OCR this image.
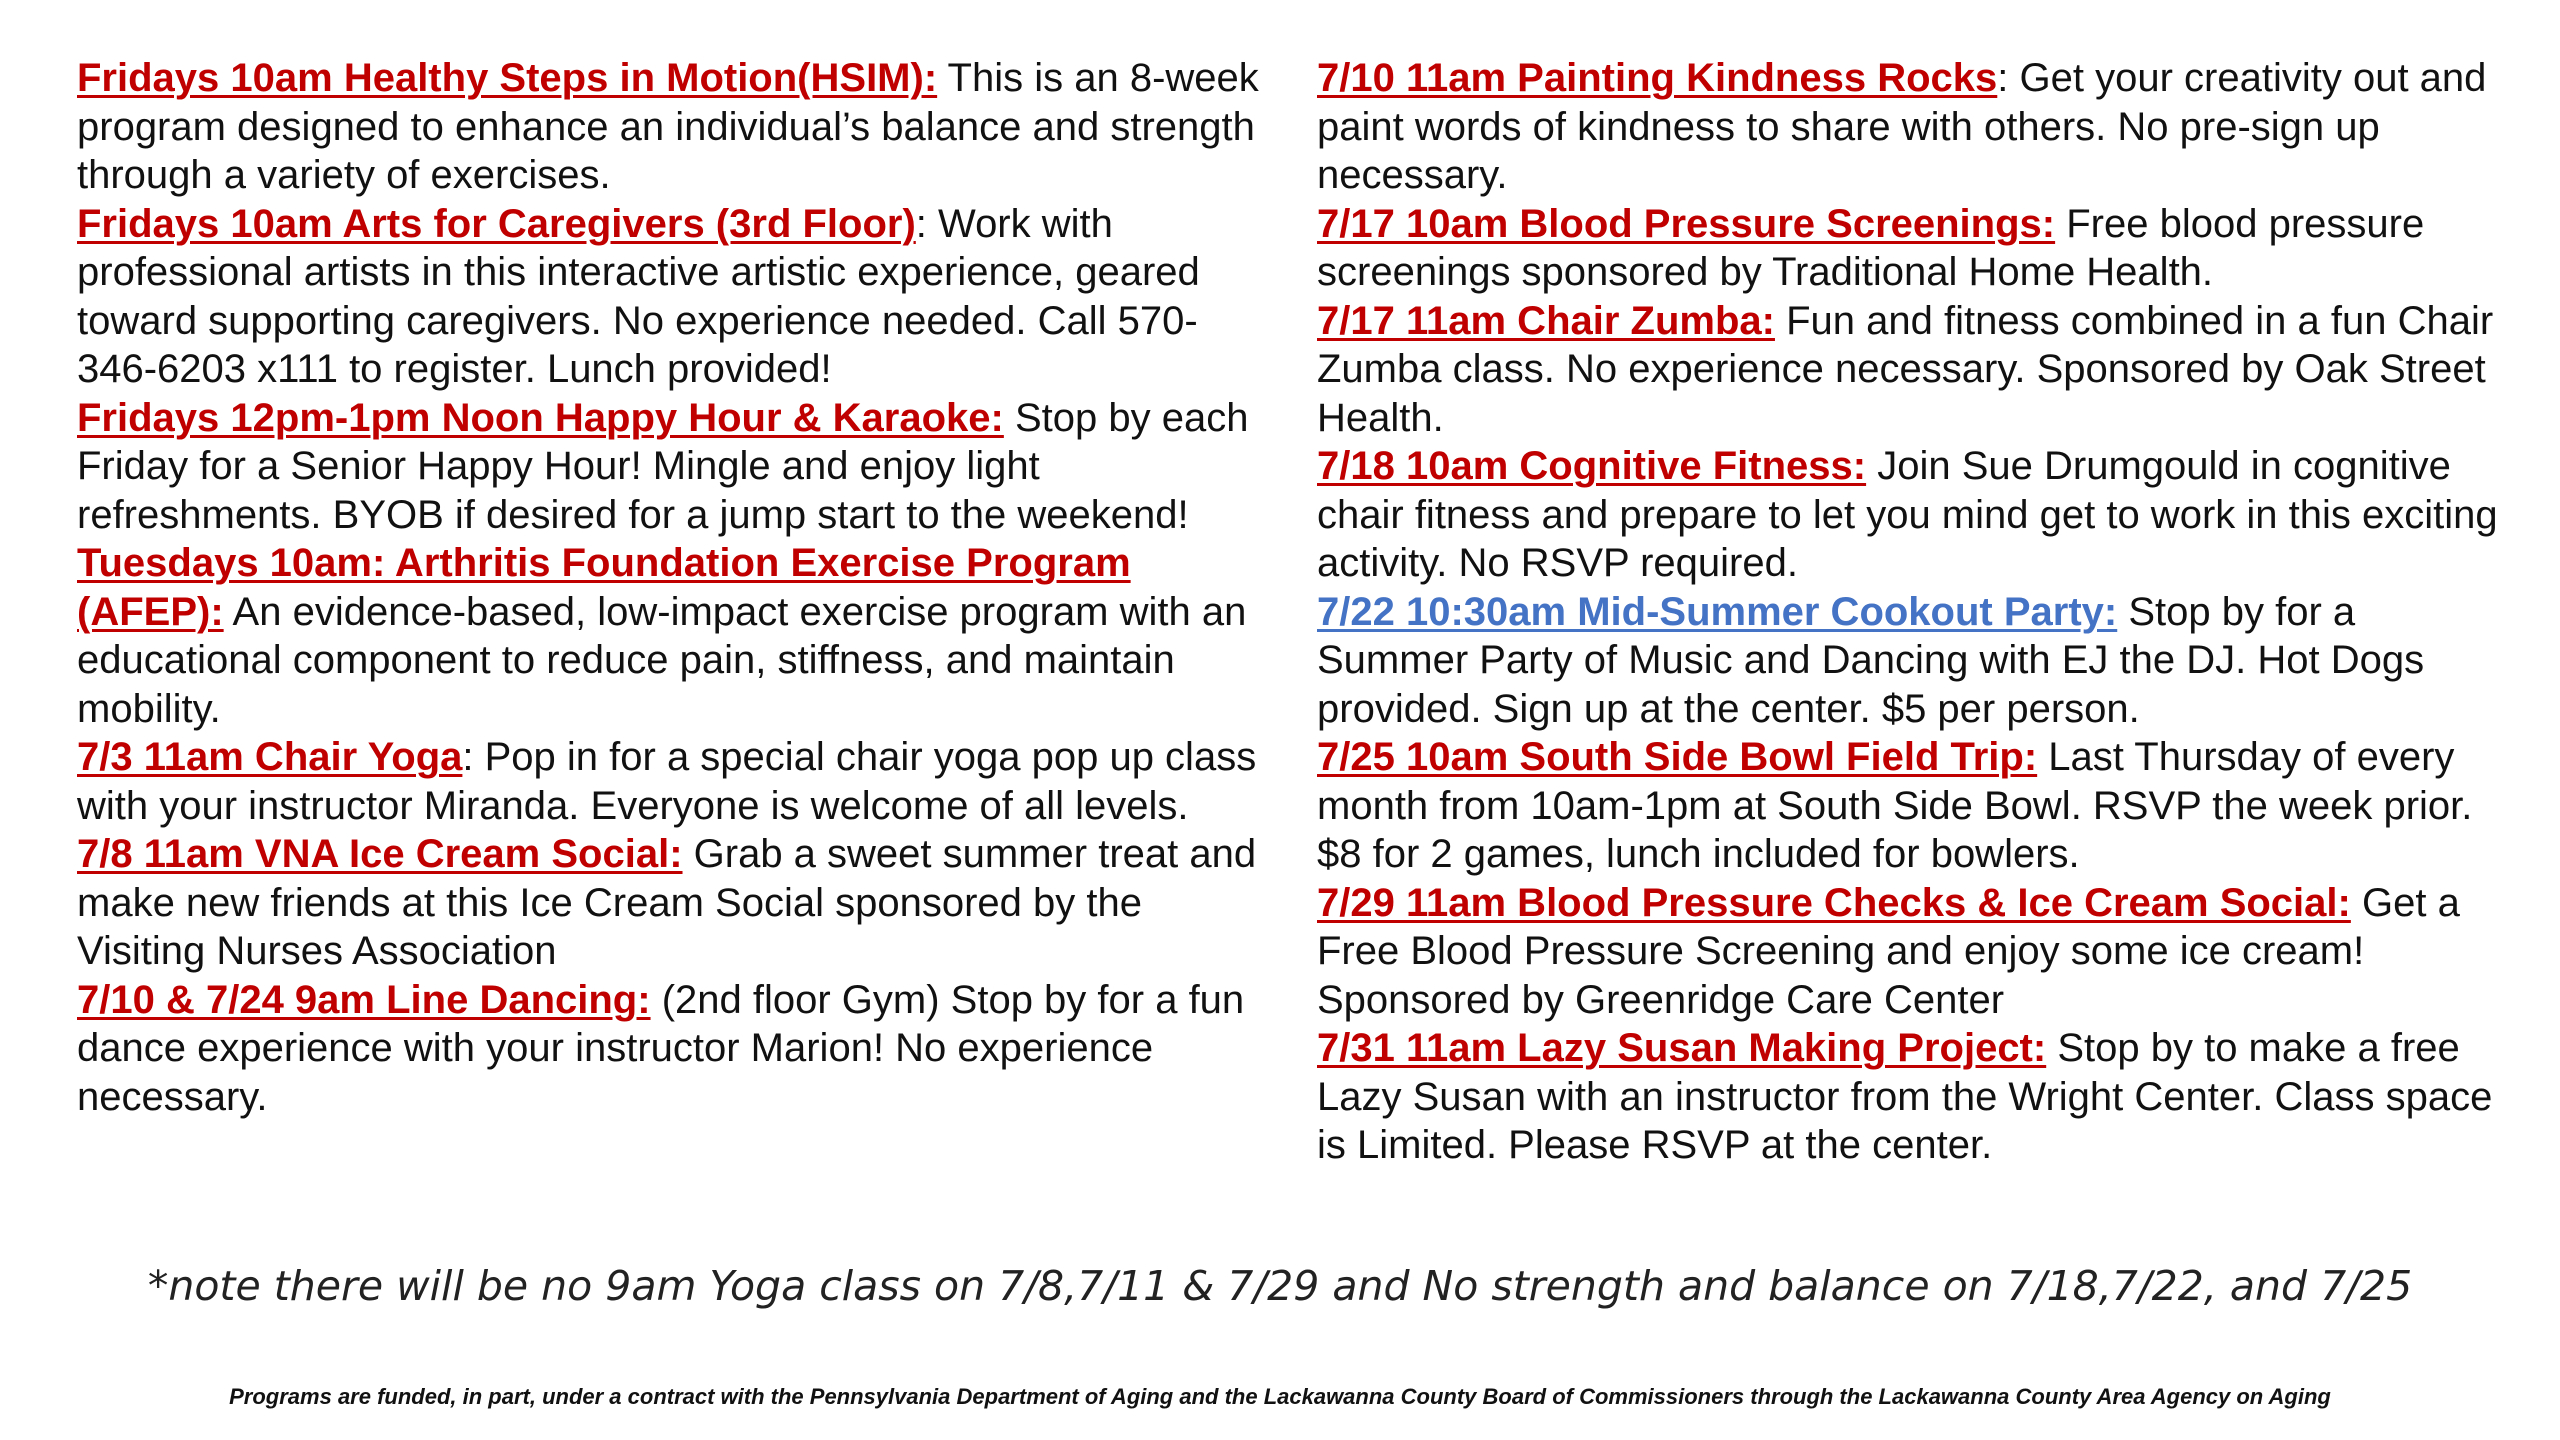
Fridays 10am Healthy Steps in Motion(HSIM): This is an 8-week program designed to enhance an individual’s balance and strength through a variety of exercises.

Fridays 10am Arts for Caregivers (3rd Floor): Work with professional artists in this interactive artistic experience, geared toward supporting caregivers. No experience needed. Call 570-346-6203 x111 to register. Lunch provided!

Fridays 12pm-1pm Noon Happy Hour & Karaoke: Stop by each Friday for a Senior Happy Hour! Mingle and enjoy light refreshments. BYOB if desired for a jump start to the weekend!

Tuesdays 10am: Arthritis Foundation Exercise Program (AFEP): An evidence-based, low-impact exercise program with an educational component to reduce pain, stiffness, and maintain mobility.

7/3 11am Chair Yoga: Pop in for a special chair yoga pop up class with your instructor Miranda. Everyone is welcome of all levels.

7/8 11am VNA Ice Cream Social: Grab a sweet summer treat and make new friends at this Ice Cream Social sponsored by the Visiting Nurses Association

7/10 & 7/24 9am Line Dancing: (2nd floor Gym) Stop by for a fun dance experience with your instructor Marion! No experience necessary.

7/10 11am Painting Kindness Rocks: Get your creativity out and paint words of kindness to share with others. No pre-sign up necessary.

7/17 10am Blood Pressure Screenings: Free blood pressure screenings sponsored by Traditional Home Health.

7/17 11am Chair Zumba: Fun and fitness combined in a fun Chair Zumba class. No experience necessary. Sponsored by Oak Street Health.

7/18 10am Cognitive Fitness: Join Sue Drumgould in cognitive chair fitness and prepare to let you mind get to work in this exciting activity. No RSVP required.

7/22 10:30am Mid-Summer Cookout Party: Stop by for a Summer Party of Music and Dancing with EJ the DJ. Hot Dogs provided. Sign up at the center. $5 per person.

7/25 10am South Side Bowl Field Trip: Last Thursday of every month from 10am-1pm at South Side Bowl. RSVP the week prior. $8 for 2 games, lunch included for bowlers.

7/29 11am Blood Pressure Checks & Ice Cream Social: Get a Free Blood Pressure Screening and enjoy some ice cream! Sponsored by Greenridge Care Center

7/31 11am Lazy Susan Making Project: Stop by to make a free Lazy Susan with an instructor from the Wright Center. Class space is Limited. Please RSVP at the center.

*note there will be no 9am Yoga class on 7/8,7/11 & 7/29 and No strength and balance on 7/18,7/22, and 7/25
Programs are funded, in part, under a contract with the Pennsylvania Department of Aging and the Lackawanna County Board of Commissioners through the Lackawanna County Area Agency on Aging
